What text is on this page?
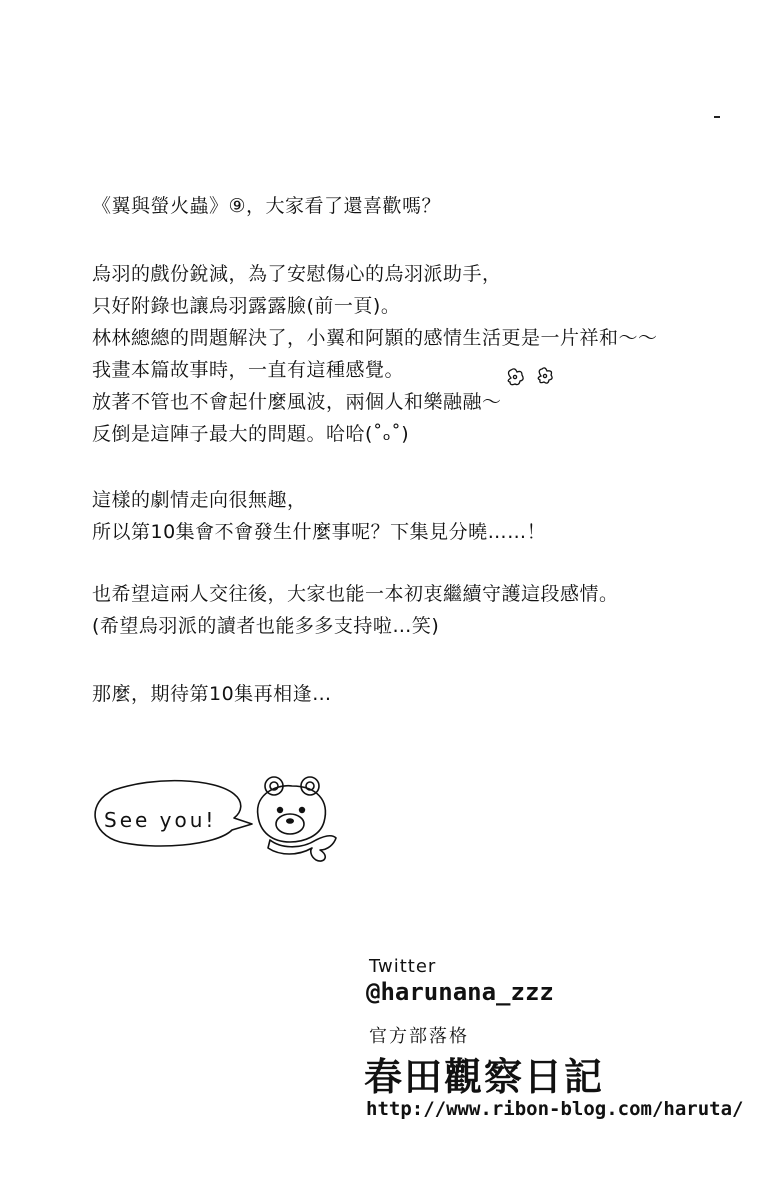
《翼與螢火蟲》⑨，大家看了還喜歡嗎？
烏羽的戲份銳減，為了安慰傷心的烏羽派助手，
只好附錄也讓烏羽露露臉(前一頁)。
林林總總的問題解決了，小翼和阿顥的感情生活更是一片祥和～～
我畫本篇故事時，一直有這種感覺。
放著不管也不會起什麼風波，兩個人和樂融融～
反倒是這陣子最大的問題。哈哈(˚ₒ˚)
這樣的劇情走向很無趣，
所以第10集會不會發生什麼事呢？下集見分曉……！
也希望這兩人交往後，大家也能一本初衷繼續守護這段感情。
(希望烏羽派的讀者也能多多支持啦…笑)
那麼，期待第10集再相逢…
See you!
Twitter
@harunana_zzz
官方部落格
春田觀察日記
http://www.ribon-blog.com/haruta/
